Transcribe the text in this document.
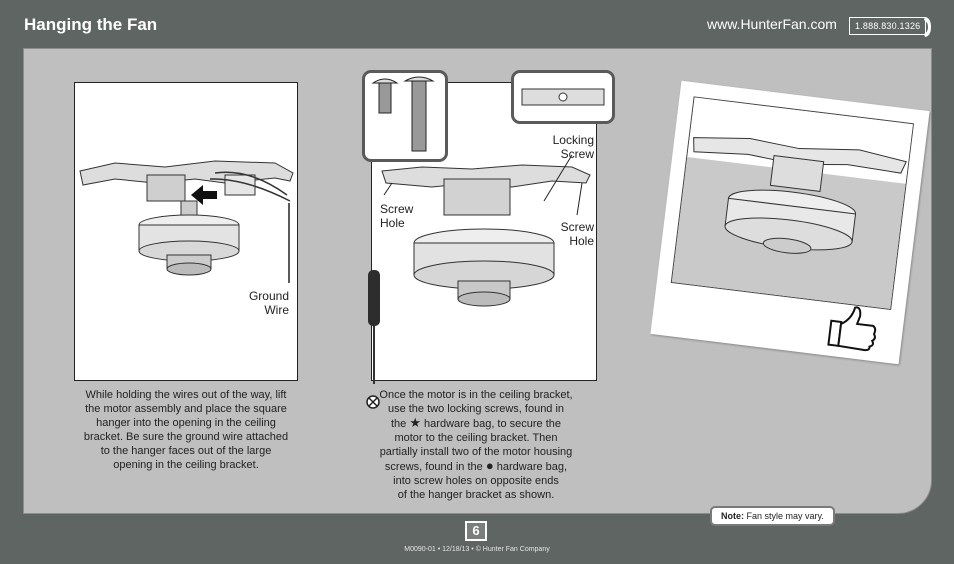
Hanging the Fan	www.HunterFan.com	1.888.830.1326
Ground
Wire
Locking
Screw
Screw
Hole	Screw
Hole
While holding the wires out of the way, lift
the motor assembly and place the square
hanger into the opening in the ceiling
bracket. Be sure the ground wire attached
to the hanger faces out of the large
opening in the ceiling bracket.
Once the motor is in the ceiling bracket,
use the two locking screws, found in
the ★ hardware bag, to secure the
motor to the ceiling bracket. Then
partially install two of the motor housing
screws, found in the ● hardware bag,
into screw holes on opposite ends
of the hanger bracket as shown.
Note: Fan style may vary.
6
M0090-01 • 12/18/13 • © Hunter Fan Company
